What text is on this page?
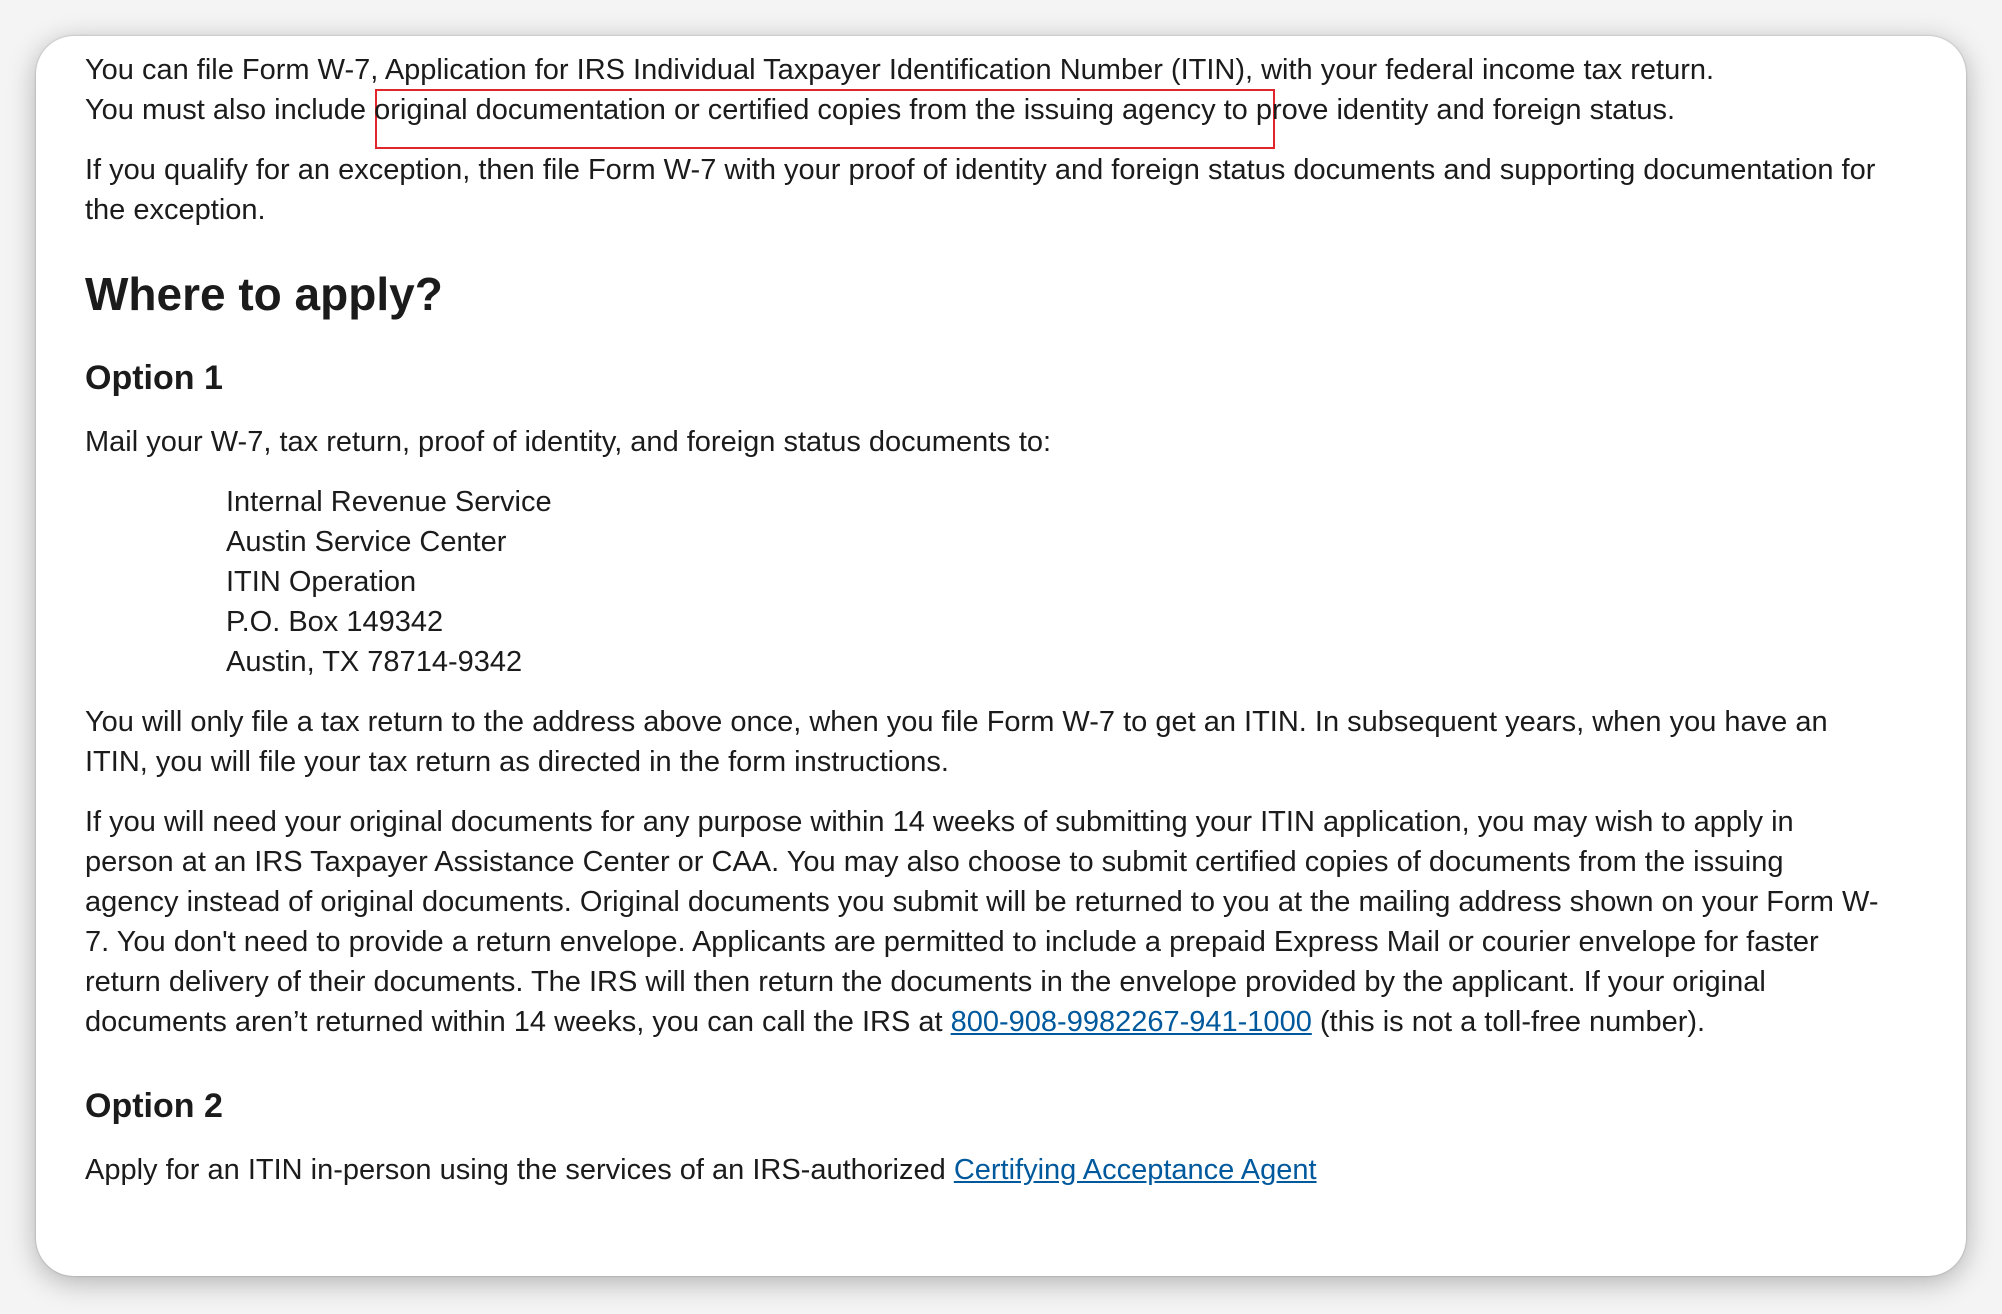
You can file Form W-7, Application for IRS Individual Taxpayer Identification Number (ITIN), with your federal income tax return.
You must also include original documentation or certified copies from the issuing agency to prove identity and foreign status.

If you qualify for an exception, then file Form W-7 with your proof of identity and foreign status documents and supporting documentation for the exception.

Where to apply?
Option 1

Mail your W-7, tax return, proof of identity, and foreign status documents to:

Internal Revenue Service
Austin Service Center
ITIN Operation
P.O. Box 149342
Austin, TX 78714-9342

You will only file a tax return to the address above once, when you file Form W-7 to get an ITIN. In subsequent years, when you have an ITIN, you will file your tax return as directed in the form instructions.

If you will need your original documents for any purpose within 14 weeks of submitting your ITIN application, you may wish to apply in person at an IRS Taxpayer Assistance Center or CAA. You may also choose to submit certified copies of documents from the issuing agency instead of original documents. Original documents you submit will be returned to you at the mailing address shown on your Form W-7. You don't need to provide a return envelope. Applicants are permitted to include a prepaid Express Mail or courier envelope for faster return delivery of their documents. The IRS will then return the documents in the envelope provided by the applicant. If your original documents aren’t returned within 14 weeks, you can call the IRS at 800-908-9982267-941-1000 (this is not a toll-free number).

Option 2

Apply for an ITIN in-person using the services of an IRS-authorized Certifying Acceptance Agent
